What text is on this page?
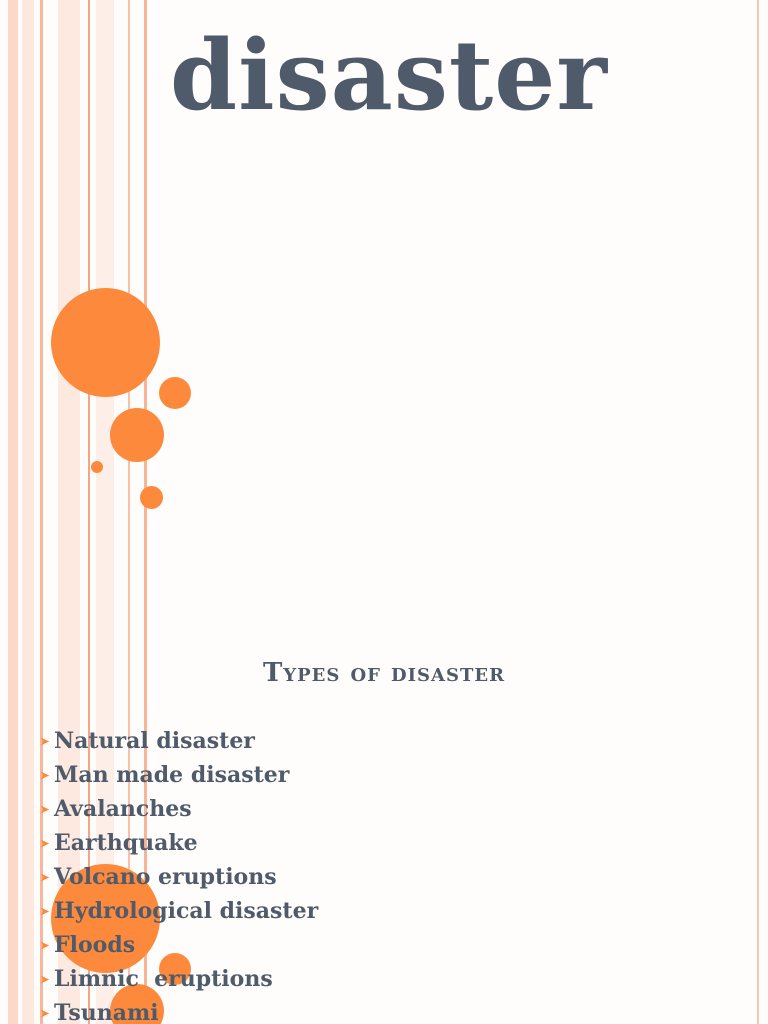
disaster
Types of disaster
➤ Natural disaster
➤ Man made disaster
➤ Avalanches
➤ Earthquake
➤ Volcano eruptions
➤ Hydrological disaster
➤ Floods
➤ Limnic  eruptions
➤ Tsunami
